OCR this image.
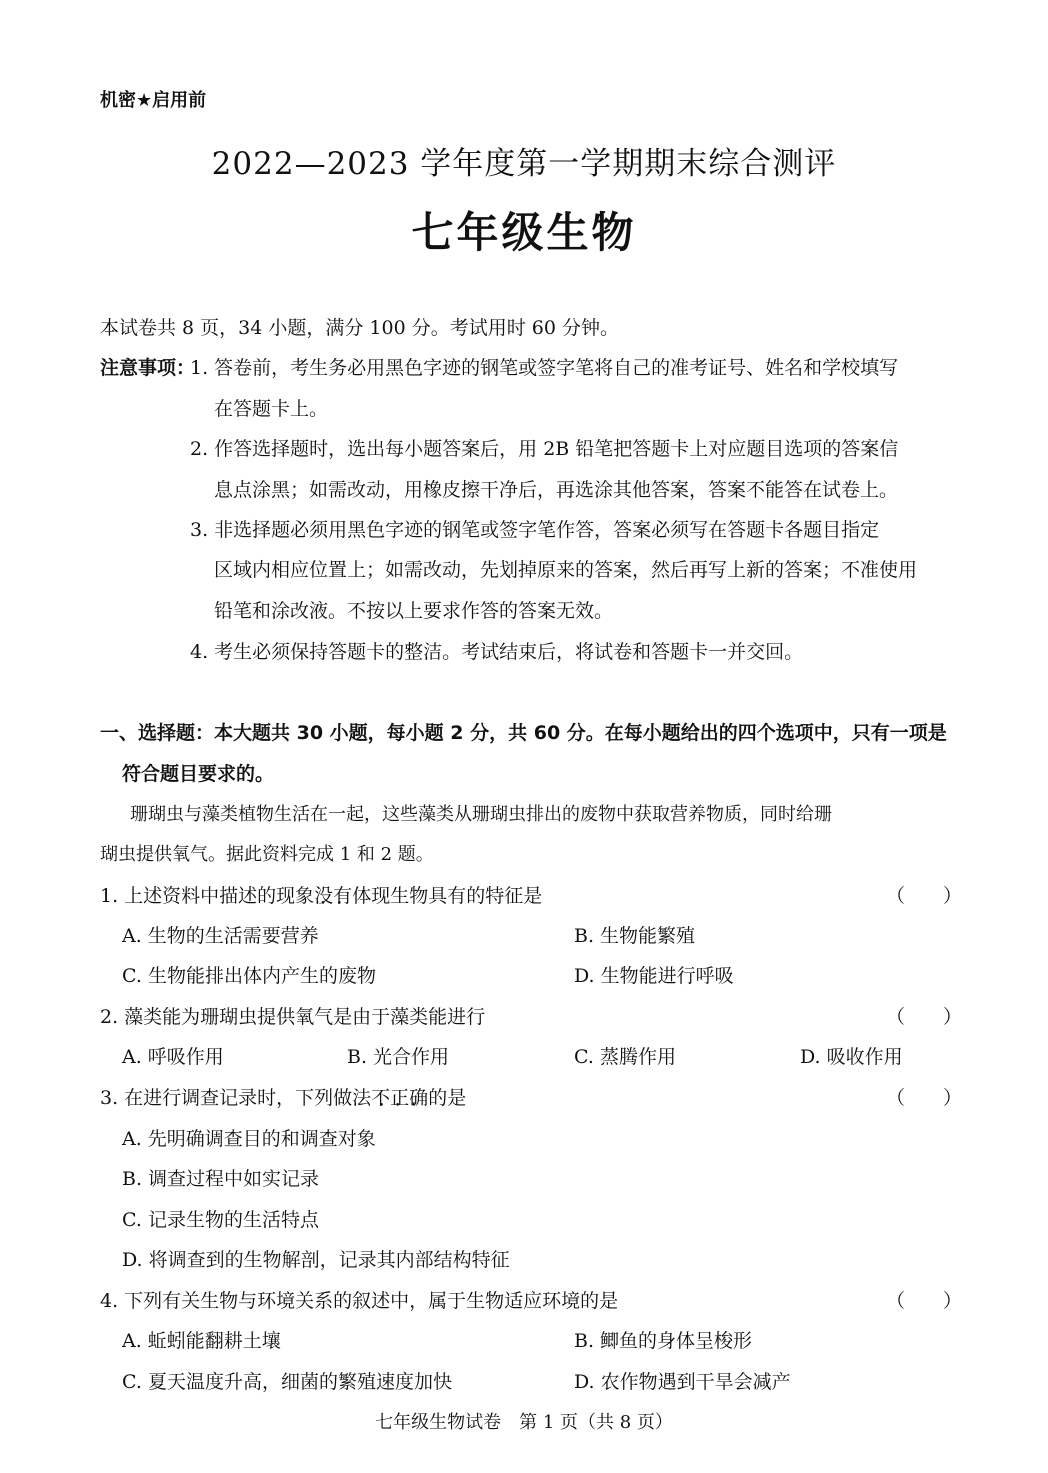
机密★启用前
2022—2023 学年度第一学期期末综合测评
七年级生物
本试卷共 8 页，34 小题，满分 100 分。考试用时 60 分钟。
注意事项：
1. 答卷前，考生务必用黑色字迹的钢笔或签字笔将自己的准考证号、姓名和学校填写
在答题卡上。
2. 作答选择题时，选出每小题答案后，用 2B 铅笔把答题卡上对应题目选项的答案信
息点涂黑；如需改动，用橡皮擦干净后，再选涂其他答案，答案不能答在试卷上。
3. 非选择题必须用黑色字迹的钢笔或签字笔作答，答案必须写在答题卡各题目指定
区域内相应位置上；如需改动，先划掉原来的答案，然后再写上新的答案；不准使用
铅笔和涂改液。不按以上要求作答的答案无效。
4. 考生必须保持答题卡的整洁。考试结束后，将试卷和答题卡一并交回。
一、选择题：本大题共 30 小题，每小题 2 分，共 60 分。在每小题给出的四个选项中，只有一项是
符合题目要求的。
珊瑚虫与藻类植物生活在一起，这些藻类从珊瑚虫排出的废物中获取营养物质，同时给珊
瑚虫提供氧气。据此资料完成 1 和 2 题。
1. 上述资料中描述的现象没有 • •体现生物具有的特征是	（　　）
A. 生物的生活需要营养	B. 生物能繁殖
C. 生物能排出体内产生的废物	D. 生物能进行呼吸
2. 藻类能为珊瑚虫提供氧气是由于藻类能进行	（　　）
A. 呼吸作用	B. 光合作用	C. 蒸腾作用	D. 吸收作用
3. 在进行调查记录时，下列做法不正确 • • •的是	（　　）
A. 先明确调查目的和调查对象
B. 调查过程中如实记录
C. 记录生物的生活特点
D. 将调查到的生物解剖，记录其内部结构特征
4. 下列有关生物与环境关系的叙述中，属于生物适应环境的是	（　　）
A. 蚯蚓能翻耕土壤	B. 鲫鱼的身体呈梭形
C. 夏天温度升高，细菌的繁殖速度加快	D. 农作物遇到干旱会减产
七年级生物试卷　第 1 页（共 8 页）
